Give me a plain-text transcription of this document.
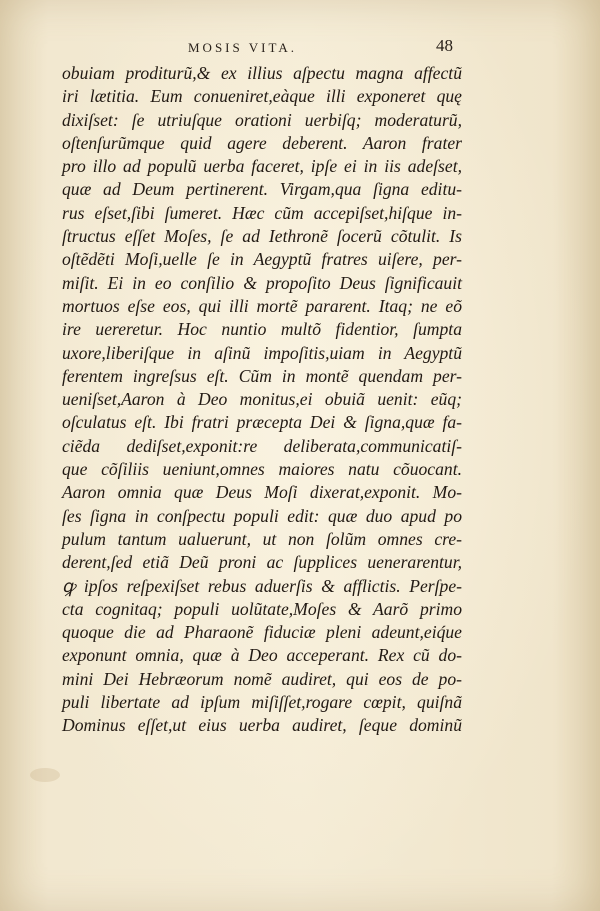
MOSIS VITA.	48
obuiam proditurũ,& ex illius aſpectu magna affectũ
iri lætitia. Eum conueniret,eàque illi exponeret quę
dixiſset: ſe utriuſque orationi uerbiſq; moderaturũ,
oſtenſurũmque quid agere deberent. Aaron frater
pro illo ad populũ uerba faceret, ipſe ei in iis adeſset,
quæ ad Deum pertinerent. Virgam,qua ſigna editu-
rus eſset,ſibi ſumeret. Hæc cũm accepiſset,hiſque in-
ſtructus eſſet Moſes, ſe ad Iethronẽ ſocerũ cõtulit. Is
oſtẽdẽti Moſi,uelle ſe in Aegyptũ fratres uiſere, per-
miſit. Ei in eo conſilio & propoſito Deus ſignificauit
mortuos eſse eos, qui illi mortẽ pararent. Itaq; ne eõ
ire uereretur. Hoc nuntio multõ fidentior, ſumpta
uxore,liberiſque in aſinũ impoſitis,uiam in Aegyptũ
ferentem ingreſsus eſt. Cũm in montẽ quendam per-
ueniſset,Aaron à Deo monitus,ei obuiã uenit: eũq;
oſculatus eſt. Ibi fratri præcepta Dei & ſigna,quæ fa-
ciẽda dediſset,exponit:re deliberata,communicatiſ-
que cõſiliis ueniunt,omnes maiores natu cõuocant.
Aaron omnia quæ Deus Moſi dixerat,exponit. Mo-
ſes ſigna in conſpectu populi edit: quæ duo apud po
pulum tantum ualuerunt, ut non ſolũm omnes cre-
derent,ſed etiã Deũ proni ac ſupplices uenerarentur,
ꝙ ipſos reſpexiſset rebus aduerſis & afflictis. Perſpe-
cta cognitaq; populi uolũtate,Moſes & Aarõ primo
quoque die ad Pharaonẽ fiduciæ pleni adeunt,eiq́ue
exponunt omnia, quæ à Deo acceperant. Rex cũ do-
mini Dei Hebræorum nomẽ audiret, qui eos de po-
puli libertate ad ipſum miſiſſet,rogare cœpit, quiſnã
Dominus eſſet,ut eius uerba audiret, ſeque dominũ
